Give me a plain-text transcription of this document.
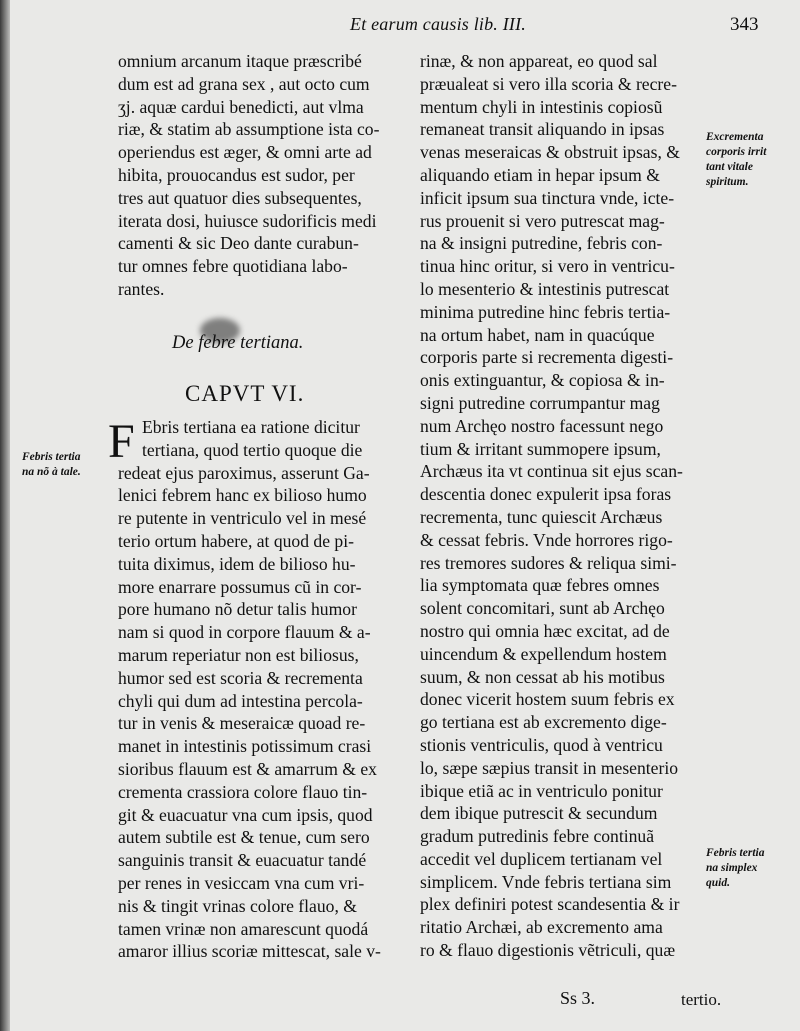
Et earum causis lib. III.	343
omnium arcanum itaque præscribé
dum est ad grana sex , aut octo cum
ʒj. aquæ cardui benedicti, aut vlma
riæ, & statim ab assumptione ista co-
operiendus est æger, & omni arte ad
hibita, prouocandus est sudor, per
tres aut quatuor dies subsequentes,
iterata dosi, huiusce sudorificis medi
camenti & sic Deo dante curabun-
tur omnes febre quotidiana labo-
rantes.
De febre tertiana.
CAPVT VI.
F Ebris tertiana ea ratione dicitur
tertiana, quod tertio quoque die
redeat ejus paroximus, asserunt Ga-
lenici febrem hanc ex bilioso humo
re putente in ventriculo vel in mesé
terio ortum habere, at quod de pi-
tuita diximus, idem de bilioso hu-
more enarrare possumus cũ in cor-
pore humano nõ detur talis humor
nam si quod in corpore flauum & a-
marum reperiatur non est biliosus,
humor sed est scoria & recrementa
chyli qui dum ad intestina percola-
tur in venis & meseraicæ quoad re-
manet in intestinis potissimum crasi
sioribus flauum est & amarrum & ex
crementa crassiora colore flauo tin-
git & euacuatur vna cum ipsis, quod
autem subtile est & tenue, cum sero
sanguinis transit & euacuatur tandé
per renes in vesiccam vna cum vri-
nis & tingit vrinas colore flauo, &
tamen vrinæ non amarescunt quodá
amaror illius scoriæ mittescat, sale v-
rinæ, & non appareat, eo quod sal
præualeat si vero illa scoria & recre-
mentum chyli in intestinis copiosũ
remaneat transit aliquando in ipsas
venas meseraicas & obstruit ipsas, &
aliquando etiam in hepar ipsum &
inficit ipsum sua tinctura vnde, icte-
rus prouenit si vero putrescat mag-
na & insigni putredine, febris con-
tinua hinc oritur, si vero in ventricu-
lo mesenterio & intestinis putrescat
minima putredine hinc febris tertia-
na ortum habet, nam in quacúque
corporis parte si recrementa digesti-
onis extinguantur, & copiosa & in-
signi putredine corrumpantur mag
num Archęo nostro facessunt nego
tium & irritant summopere ipsum,
Archæus ita vt continua sit ejus scan-
descentia donec expulerit ipsa foras
recrementa, tunc quiescit Archæus
& cessat febris. Vnde horrores rigo-
res tremores sudores & reliqua simi-
lia symptomata quæ febres omnes
solent concomitari, sunt ab Archęo
nostro qui omnia hæc excitat, ad de
uincendum & expellendum hostem
suum, & non cessat ab his motibus
donec vicerit hostem suum febris ex
go tertiana est ab excremento dige-
stionis ventriculis, quod à ventricu
lo, sæpe sæpius transit in mesenterio
ibique etiã ac in ventriculo ponitur
dem ibique putrescit & secundum
gradum putredinis febre continuã
accedit vel duplicem tertianam vel
simplicem. Vnde febris tertiana sim
plex definiri potest scandesentia & ir
ritatio Archæi, ab excremento ama
ro & flauo digestionis vẽtriculi, quæ
Febris tertia
na nõ à tale.
Excrementa
corporis irrit
tant vitale
spiritum.
Febris tertia
na simplex
quid.
Ss 3.	tertio.
